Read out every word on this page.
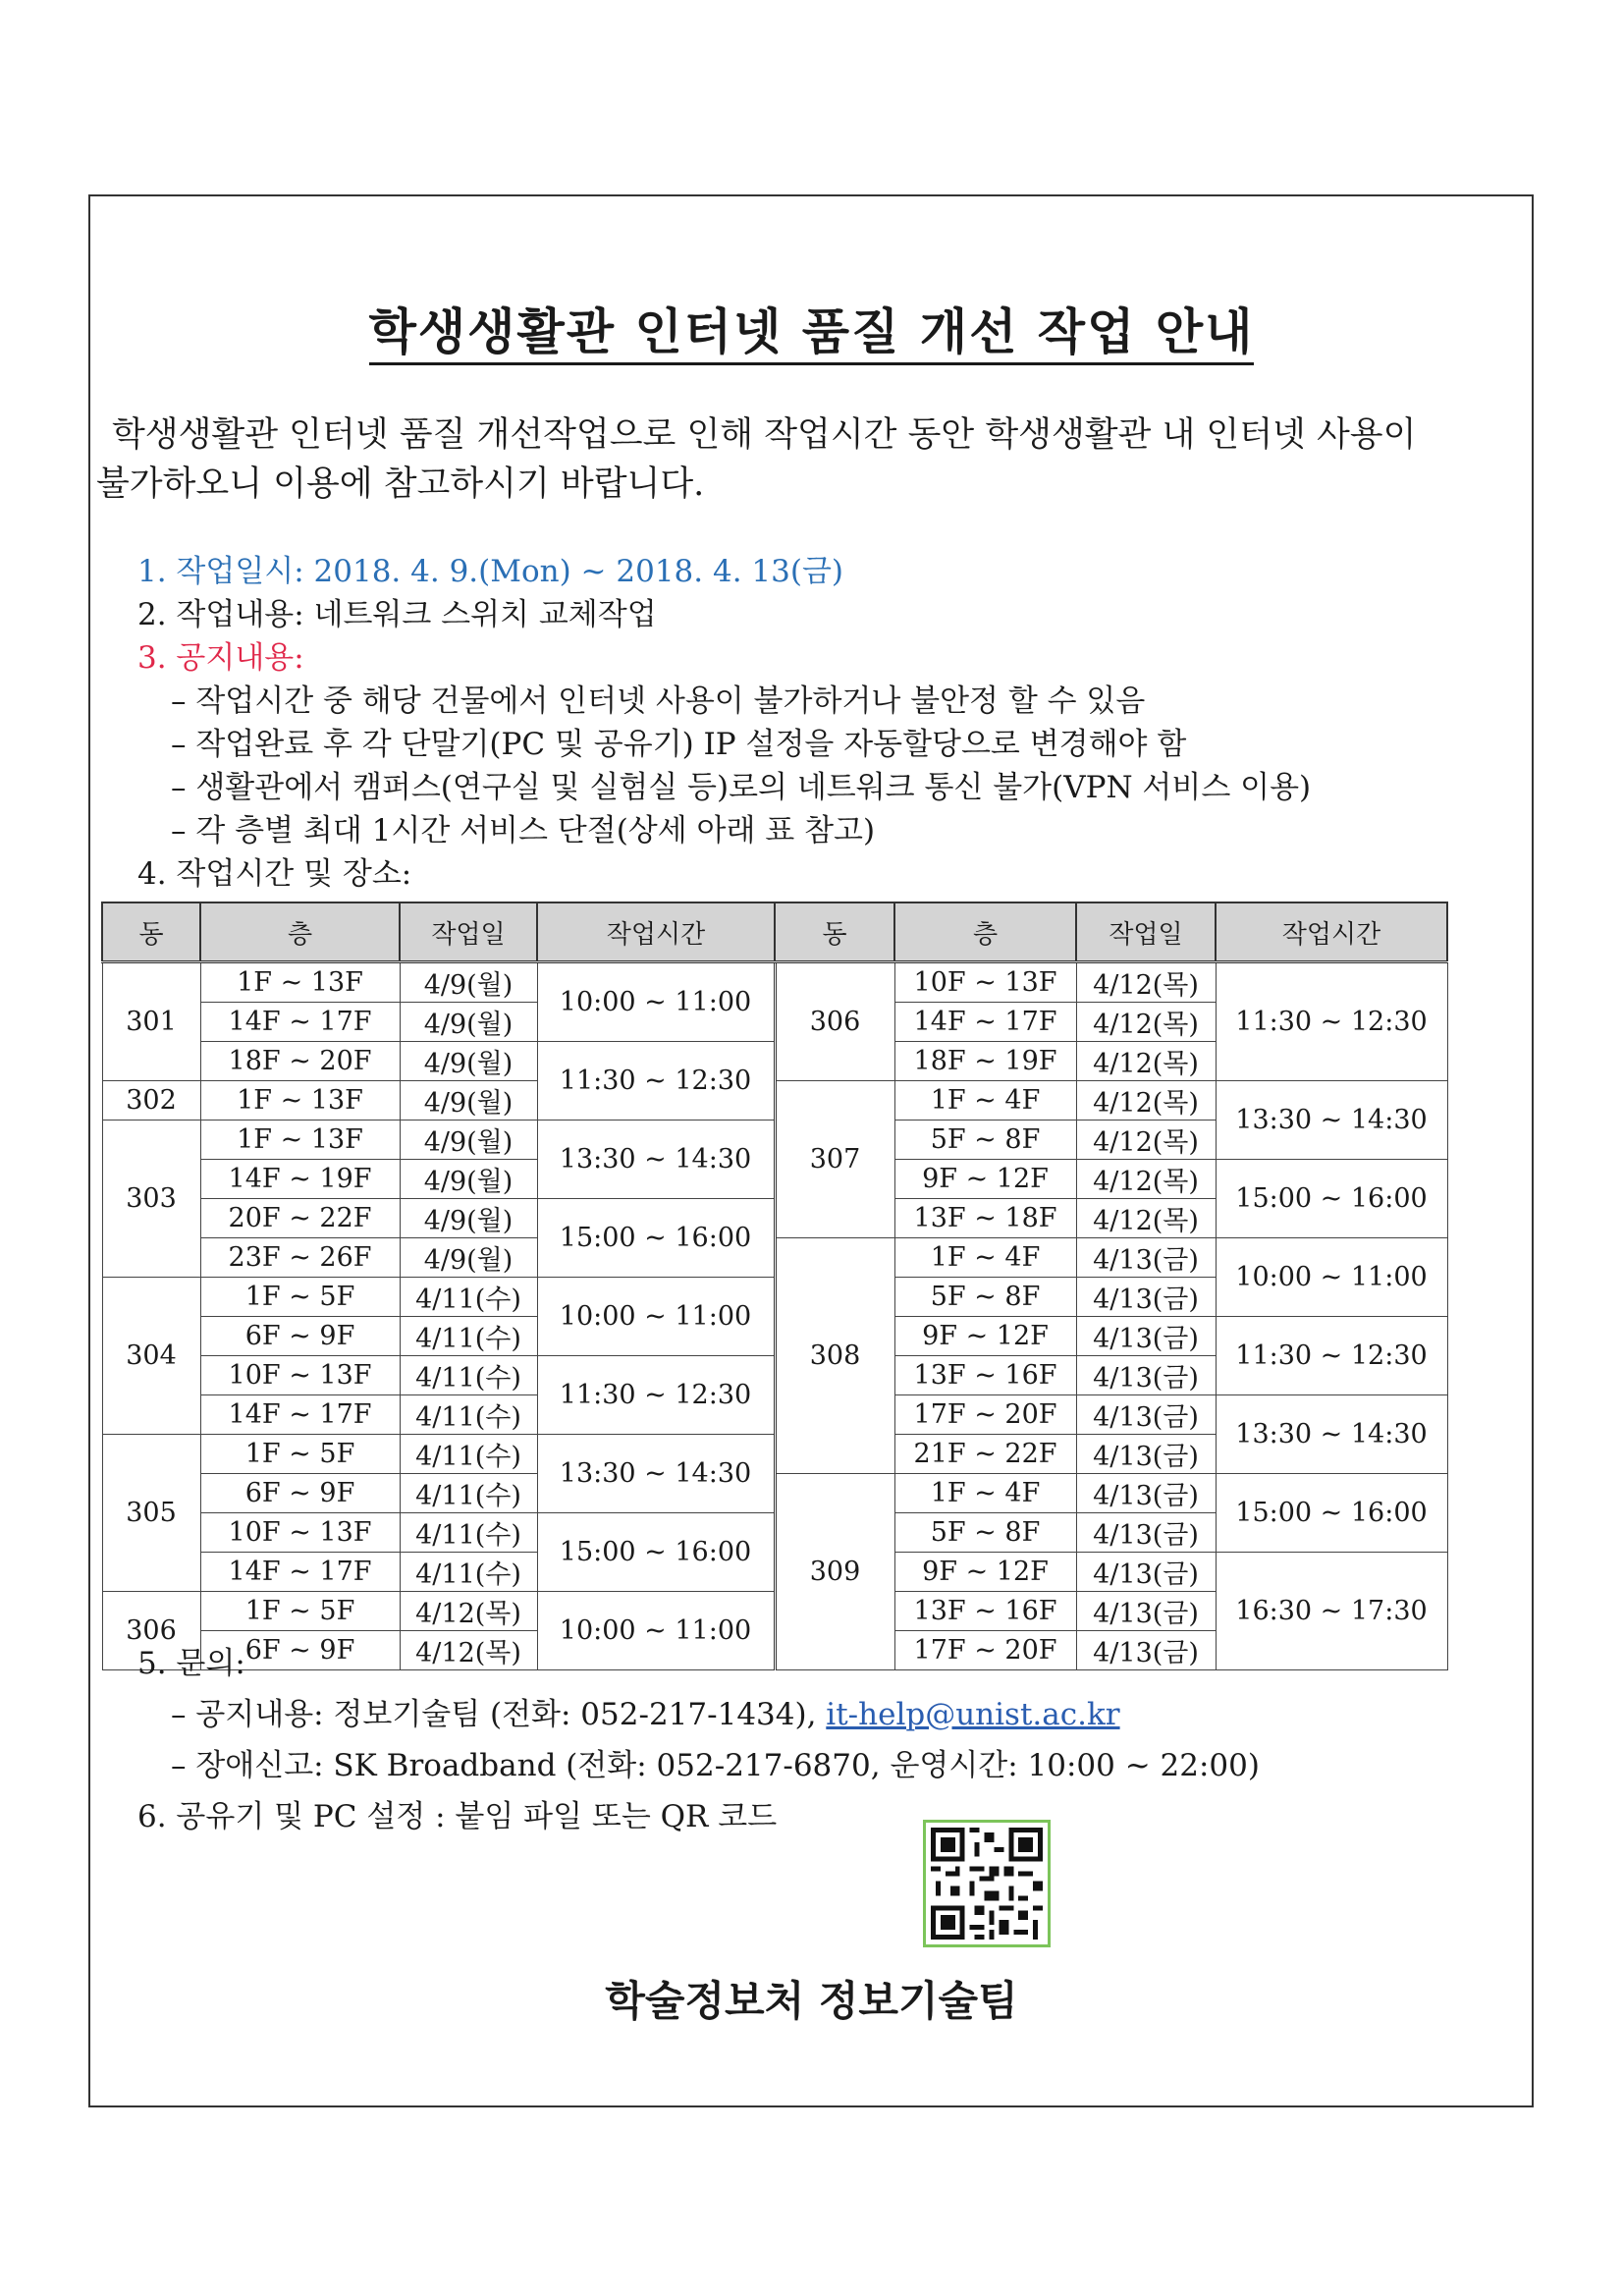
학생생활관 인터넷 품질 개선 작업 안내
학생생활관 인터넷 품질 개선작업으로 인해 작업시간 동안 학생생활관 내 인터넷 사용이
불가하오니 이용에 참고하시기 바랍니다.
1. 작업일시: 2018. 4. 9.(Mon) ~ 2018. 4. 13(금)
2. 작업내용: 네트워크 스위치 교체작업
3. 공지내용:
– 작업시간 중 해당 건물에서 인터넷 사용이 불가하거나 불안정 할 수 있음
– 작업완료 후 각 단말기(PC 및 공유기) IP 설정을 자동할당으로 변경해야 함
– 생활관에서 캠퍼스(연구실 및 실험실 등)로의 네트워크 통신 불가(VPN 서비스 이용)
– 각 층별 최대 1시간 서비스 단절(상세 아래 표 참고)
4. 작업시간 및 장소:
동	층	작업일	작업시간	동	층	작업일	작업시간
301	1F ~ 13F	4/9(월)	10:00 ~ 11:00	306	10F ~ 13F	4/12(목)	11:30 ~ 12:30
	14F ~ 17F	4/9(월)			14F ~ 17F	4/12(목)	
	18F ~ 20F	4/9(월)	11:30 ~ 12:30		18F ~ 19F	4/12(목)	
302	1F ~ 13F	4/9(월)		307	1F ~ 4F	4/12(목)	13:30 ~ 14:30
303	1F ~ 13F	4/9(월)	13:30 ~ 14:30		5F ~ 8F	4/12(목)	
	14F ~ 19F	4/9(월)			9F ~ 12F	4/12(목)	15:00 ~ 16:00
	20F ~ 22F	4/9(월)	15:00 ~ 16:00		13F ~ 18F	4/12(목)	
	23F ~ 26F	4/9(월)		308	1F ~ 4F	4/13(금)	10:00 ~ 11:00
304	1F ~ 5F	4/11(수)	10:00 ~ 11:00		5F ~ 8F	4/13(금)	
	6F ~ 9F	4/11(수)			9F ~ 12F	4/13(금)	11:30 ~ 12:30
	10F ~ 13F	4/11(수)	11:30 ~ 12:30		13F ~ 16F	4/13(금)	
	14F ~ 17F	4/11(수)			17F ~ 20F	4/13(금)	13:30 ~ 14:30
305	1F ~ 5F	4/11(수)	13:30 ~ 14:30		21F ~ 22F	4/13(금)	
	6F ~ 9F	4/11(수)		309	1F ~ 4F	4/13(금)	15:00 ~ 16:00
	10F ~ 13F	4/11(수)	15:00 ~ 16:00		5F ~ 8F	4/13(금)	
	14F ~ 17F	4/11(수)			9F ~ 12F	4/13(금)	16:30 ~ 17:30
306	1F ~ 5F	4/12(목)	10:00 ~ 11:00		13F ~ 16F	4/13(금)	
	6F ~ 9F	4/12(목)			17F ~ 20F	4/13(금)	
5. 문의:
– 공지내용: 정보기술팀 (전화: 052-217-1434), it-help@unist.ac.kr
– 장애신고: SK Broadband (전화: 052-217-6870, 운영시간: 10:00 ~ 22:00)
6. 공유기 및 PC 설정 : 붙임 파일 또는 QR 코드
학술정보처 정보기술팀
